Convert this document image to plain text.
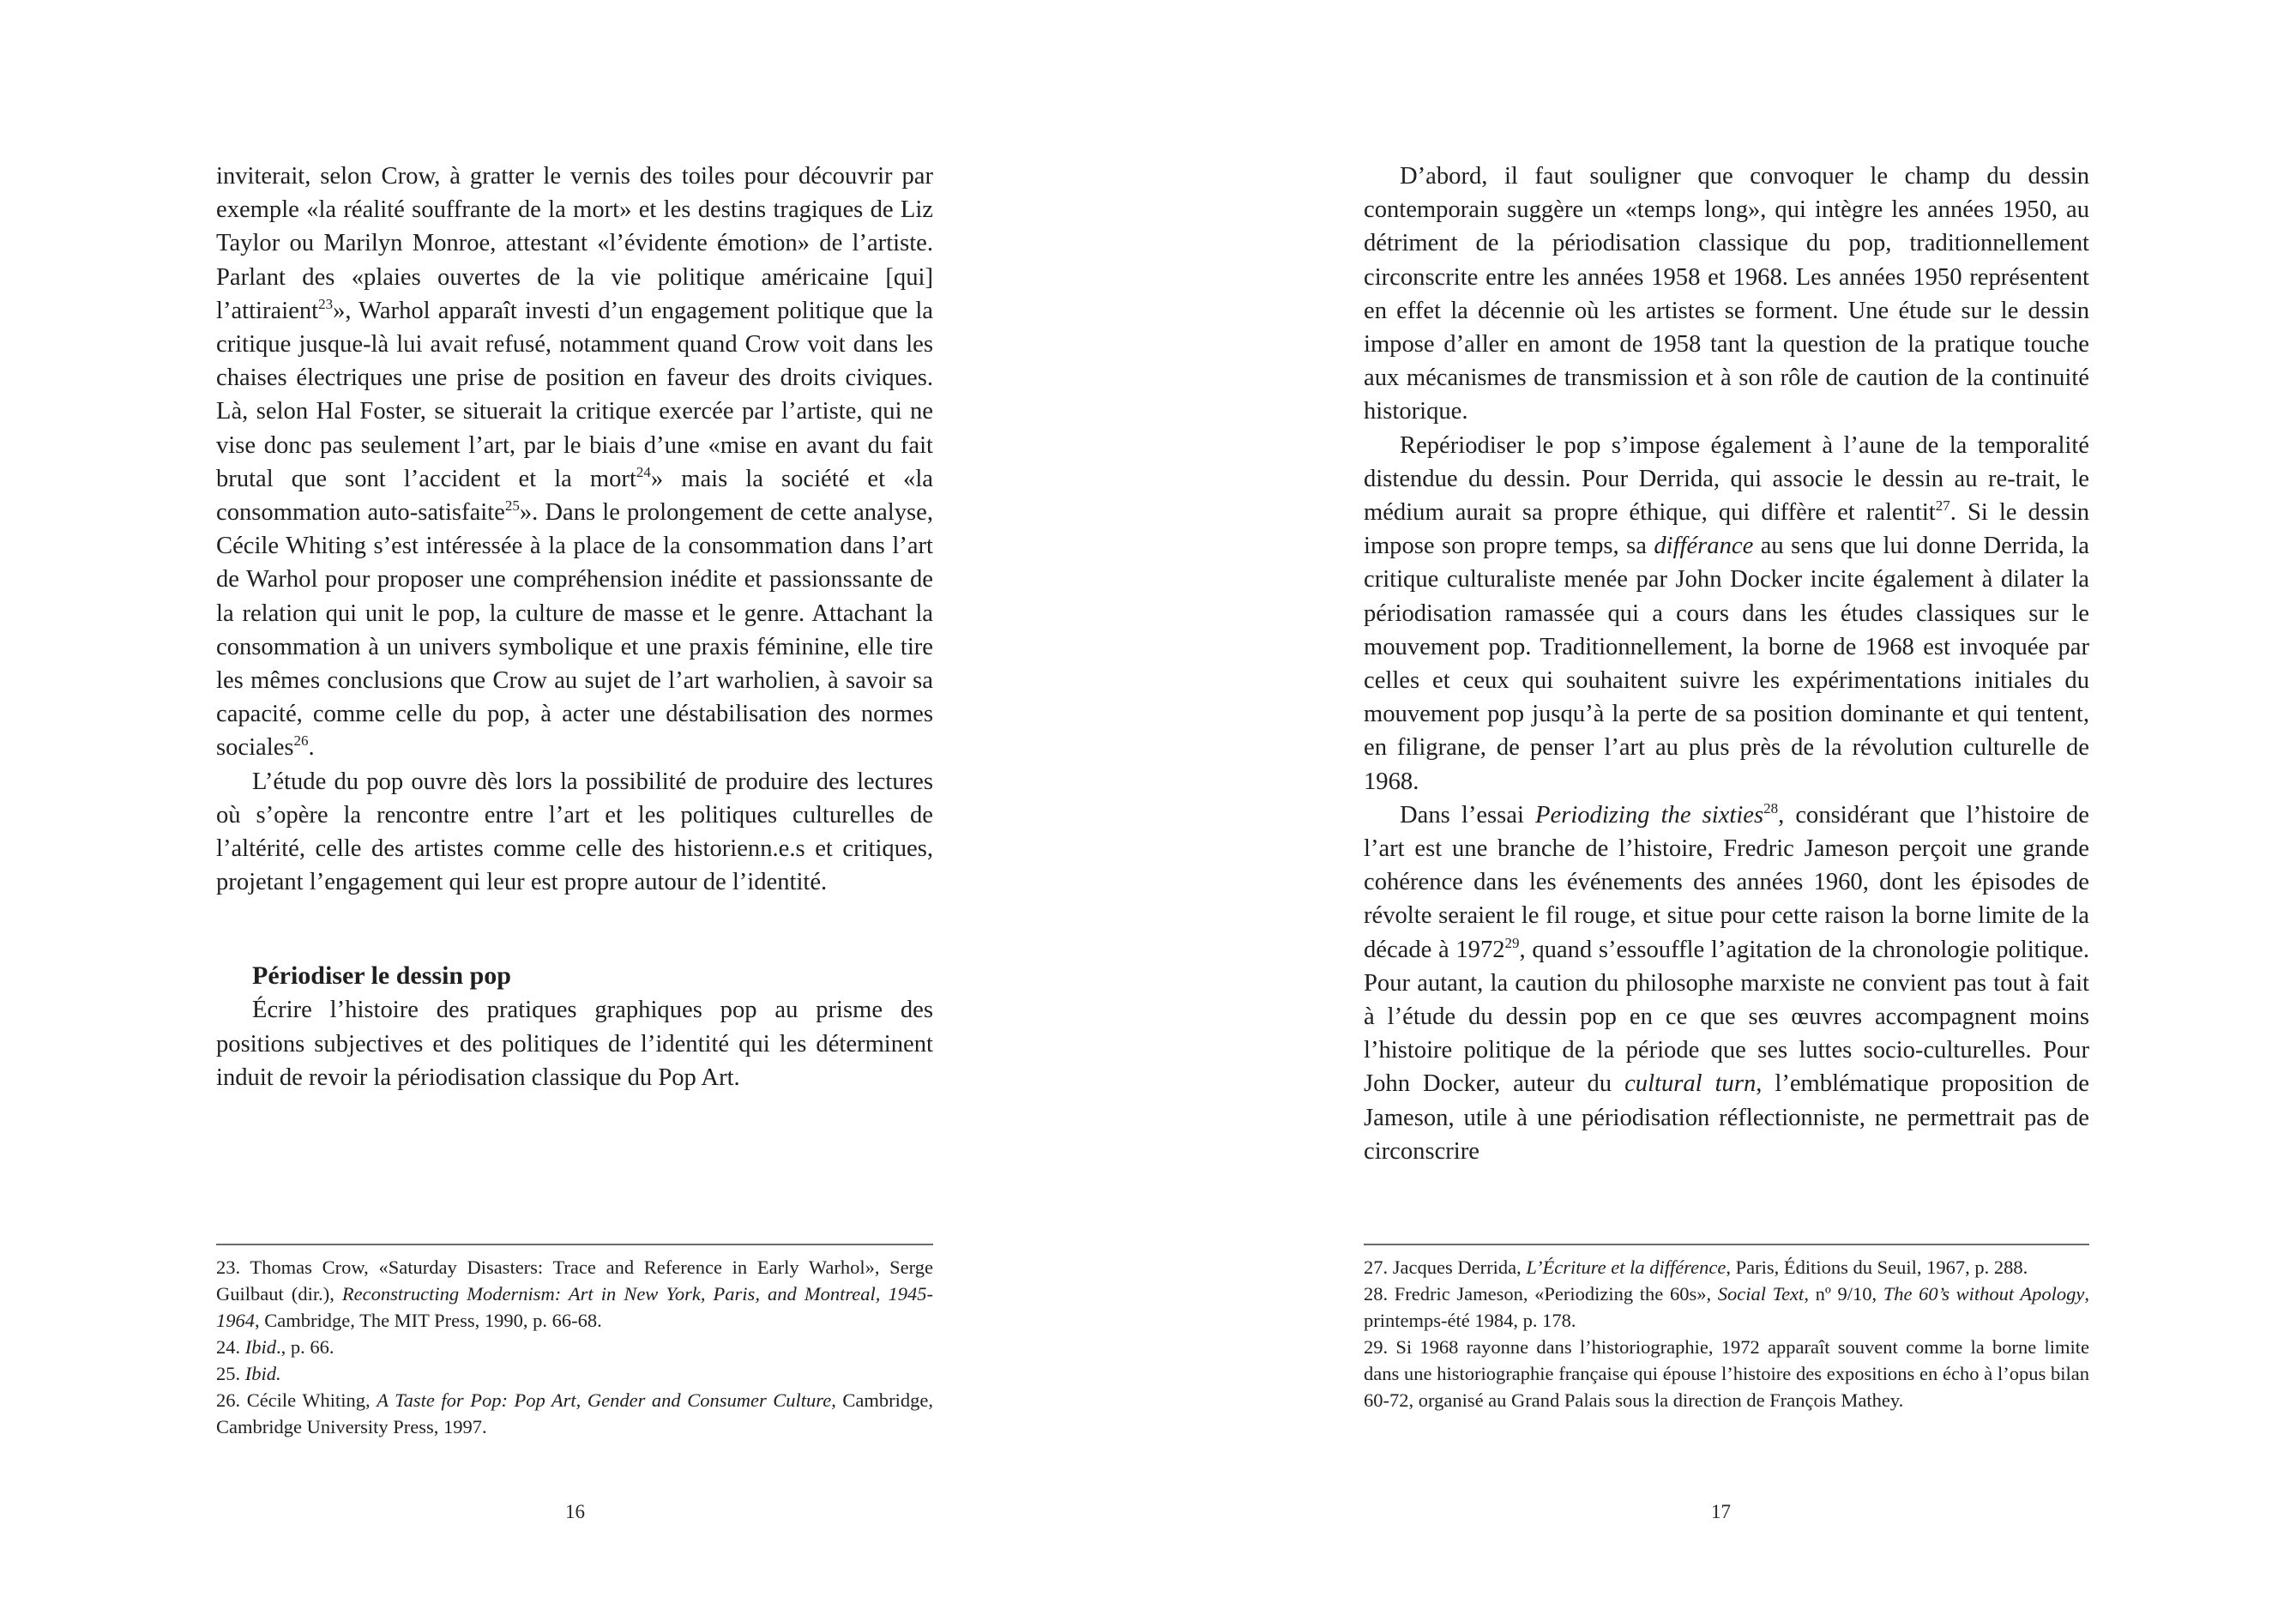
inviterait, selon Crow, à gratter le vernis des toiles pour découvrir par exemple «la réalité souffrante de la mort» et les destins tragiques de Liz Taylor ou Marilyn Monroe, attestant «l’évidente émotion» de l’artiste. Parlant des «plaies ouvertes de la vie politique américaine [qui] l’attiraient$^{23}$», Warhol apparaît investi d’un engagement politique que la critique jusque-là lui avait refusé, notamment quand Crow voit dans les chaises électriques une prise de position en faveur des droits civiques. Là, selon Hal Foster, se situerait la critique exercée par l’artiste, qui ne vise donc pas seulement l’art, par le biais d’une «mise en avant du fait brutal que sont l’accident et la mort$^{24}$» mais la société et «la consommation auto-satisfaite$^{25}$». Dans le prolongement de cette analyse, Cécile Whiting s’est intéressée à la place de la consommation dans l’art de Warhol pour proposer une compréhension inédite et passionssante de la relation qui unit le pop, la culture de masse et le genre. Attachant la consommation à un univers symbolique et une praxis féminine, elle tire les mêmes conclusions que Crow au sujet de l’art warholien, à savoir sa capacité, comme celle du pop, à acter une déstabilisation des normes sociales$^{26}$.

L’étude du pop ouvre dès lors la possibilité de produire des lectures où s’opère la rencontre entre l’art et les politiques culturelles de l’altérité, celle des artistes comme celle des historienn.e.s et critiques, projetant l’engagement qui leur est propre autour de l’identité.

Périodiser le dessin pop

Écrire l’histoire des pratiques graphiques pop au prisme des positions subjectives et des politiques de l’identité qui les déterminent induit de revoir la périodisation classique du Pop Art.

23. Thomas Crow, «Saturday Disasters: Trace and Reference in Early Warhol», Serge Guilbaut (dir.), Reconstructing Modernism: Art in New York, Paris, and Montreal, 1945-1964, Cambridge, The MIT Press, 1990, p. 66-68.

24. Ibid., p. 66.

25. Ibid.

26. Cécile Whiting, A Taste for Pop: Pop Art, Gender and Consumer Culture, Cambridge, Cambridge University Press, 1997.

16

D’abord, il faut souligner que convoquer le champ du dessin contemporain suggère un «temps long», qui intègre les années 1950, au détriment de la périodisation classique du pop, traditionnellement circonscrite entre les années 1958 et 1968. Les années 1950 représentent en effet la décennie où les artistes se forment. Une étude sur le dessin impose d’aller en amont de 1958 tant la question de la pratique touche aux mécanismes de transmission et à son rôle de caution de la continuité historique.

Repériodiser le pop s’impose également à l’aune de la temporalité distendue du dessin. Pour Derrida, qui associe le dessin au re-trait, le médium aurait sa propre éthique, qui diffère et ralentit$^{27}$. Si le dessin impose son propre temps, sa différance au sens que lui donne Derrida, la critique culturaliste menée par John Docker incite également à dilater la périodisation ramassée qui a cours dans les études classiques sur le mouvement pop. Traditionnellement, la borne de 1968 est invoquée par celles et ceux qui souhaitent suivre les expérimentations initiales du mouvement pop jusqu’à la perte de sa position dominante et qui tentent, en filigrane, de penser l’art au plus près de la révolution culturelle de 1968.

Dans l’essai Periodizing the sixties$^{28}$, considérant que l’histoire de l’art est une branche de l’histoire, Fredric Jameson perçoit une grande cohérence dans les événements des années 1960, dont les épisodes de révolte seraient le fil rouge, et situe pour cette raison la borne limite de la décade à 1972$^{29}$, quand s’essouffle l’agitation de la chronologie politique. Pour autant, la caution du philosophe marxiste ne convient pas tout à fait à l’étude du dessin pop en ce que ses œuvres accompagnent moins l’histoire politique de la période que ses luttes socio-culturelles. Pour John Docker, auteur du cultural turn, l’emblématique proposition de Jameson, utile à une périodisation réflectionniste, ne permettrait pas de circonscrire

27. Jacques Derrida, L’Écriture et la différence, Paris, Éditions du Seuil, 1967, p. 288.

28. Fredric Jameson, «Periodizing the 60s», Social Text, nº 9/10, The 60’s without Apology, printemps-été 1984, p. 178.

29. Si 1968 rayonne dans l’historiographie, 1972 apparaît souvent comme la borne limite dans une historiographie française qui épouse l’histoire des expositions en écho à l’opus bilan 60-72, organisé au Grand Palais sous la direction de François Mathey.

17
